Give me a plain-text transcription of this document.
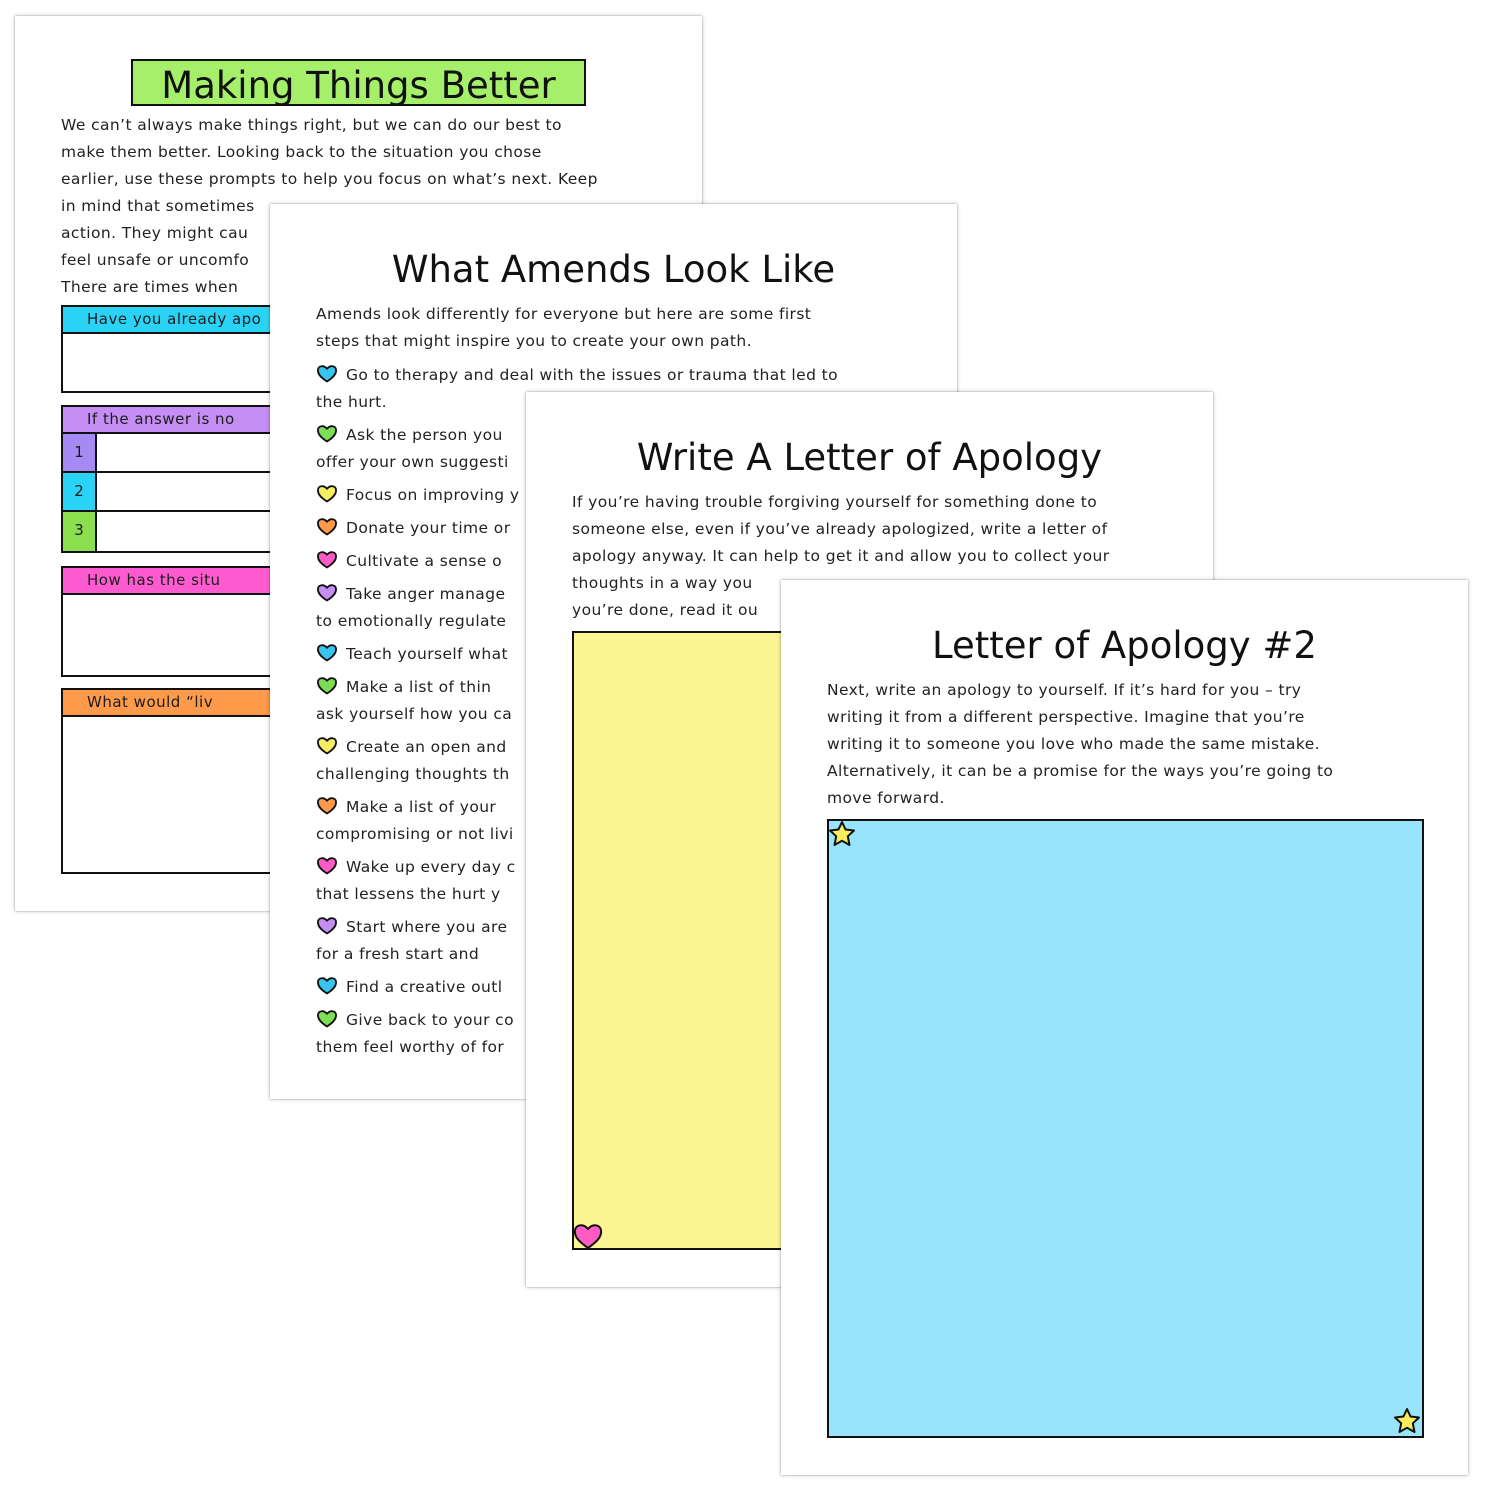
Making Things Better
We can’t always make things right, but we can do our best to
make them better. Looking back to the situation you chose
earlier, use these prompts to help you focus on what’s next. Keep
in mind that sometimes
action. They might cau
feel unsafe or uncomfo
There are times when
Have you already apo
If the answer is no
1
2
3
How has the situ
What would “liv
What Amends Look Like
Amends look differently for everyone but here are some first
steps that might inspire you to create your own path.
Go to therapy and deal with the issues or trauma that led to
the hurt.
Ask the person you
offer your own suggesti
Focus on improving y
Donate your time or
Cultivate a sense o
Take anger manage
to emotionally regulate
Teach yourself what
Make a list of thin
ask yourself how you ca
Create an open and
challenging thoughts th
Make a list of your
compromising or not livi
Wake up every day c
that lessens the hurt y
Start where you are
for a fresh start and
Find a creative outl
Give back to your co
them feel worthy of for
Write A Letter of Apology
If you’re having trouble forgiving yourself for something done to
someone else, even if you’ve already apologized, write a letter of
apology anyway. It can help to get it and allow you to collect your
thoughts in a way you
you’re done, read it ou
Letter of Apology #2
Next, write an apology to yourself. If it’s hard for you – try
writing it from a different perspective. Imagine that you’re
writing it to someone you love who made the same mistake.
Alternatively, it can be a promise for the ways you’re going to
move forward.
